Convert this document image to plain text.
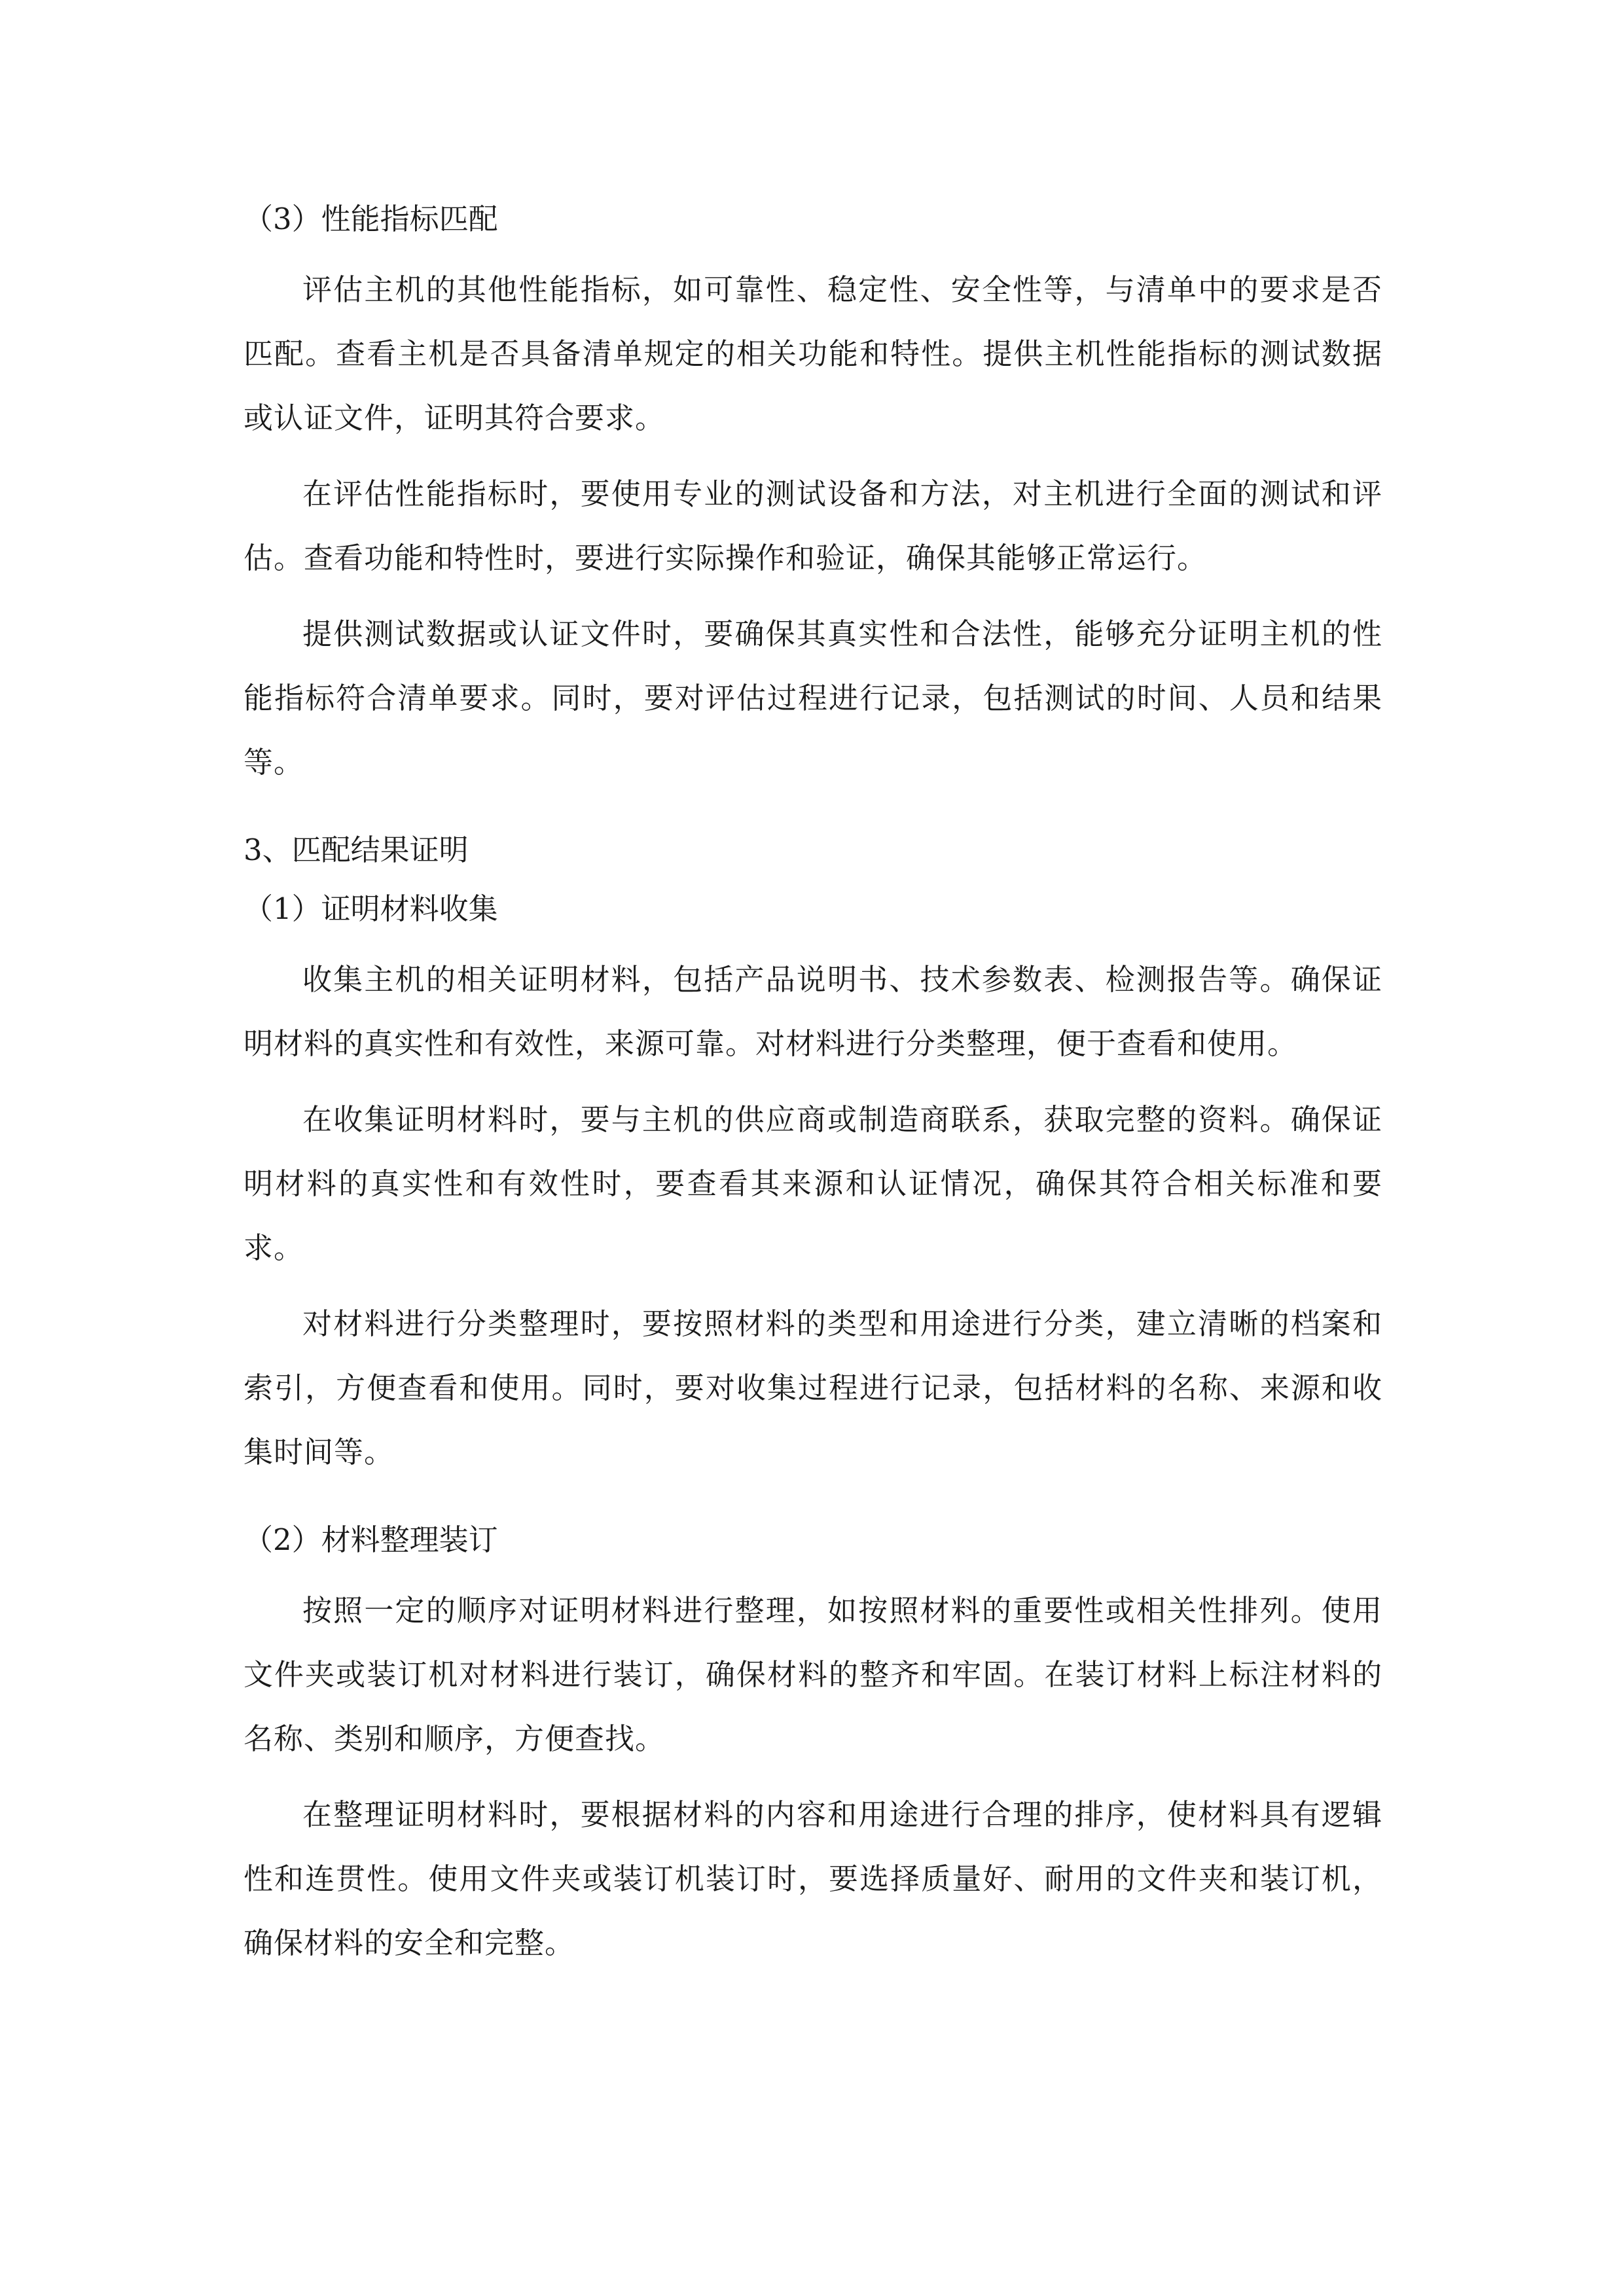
（3）性能指标匹配

评估主机的其他性能指标，如可靠性、稳定性、安全性等，与清单中的要求是否匹配。查看主机是否具备清单规定的相关功能和特性。提供主机性能指标的测试数据或认证文件，证明其符合要求。

在评估性能指标时，要使用专业的测试设备和方法，对主机进行全面的测试和评估。查看功能和特性时，要进行实际操作和验证，确保其能够正常运行。

提供测试数据或认证文件时，要确保其真实性和合法性，能够充分证明主机的性能指标符合清单要求。同时，要对评估过程进行记录，包括测试的时间、人员和结果等。

3、匹配结果证明
（1）证明材料收集

收集主机的相关证明材料，包括产品说明书、技术参数表、检测报告等。确保证明材料的真实性和有效性，来源可靠。对材料进行分类整理，便于查看和使用。

在收集证明材料时，要与主机的供应商或制造商联系，获取完整的资料。确保证明材料的真实性和有效性时，要查看其来源和认证情况，确保其符合相关标准和要求。

对材料进行分类整理时，要按照材料的类型和用途进行分类，建立清晰的档案和索引，方便查看和使用。同时，要对收集过程进行记录，包括材料的名称、来源和收集时间等。

（2）材料整理装订

按照一定的顺序对证明材料进行整理，如按照材料的重要性或相关性排列。使用文件夹或装订机对材料进行装订，确保材料的整齐和牢固。在装订材料上标注材料的名称、类别和顺序，方便查找。

在整理证明材料时，要根据材料的内容和用途进行合理的排序，使材料具有逻辑性和连贯性。使用文件夹或装订机装订时，要选择质量好、耐用的文件夹和装订机，确保材料的安全和完整。
